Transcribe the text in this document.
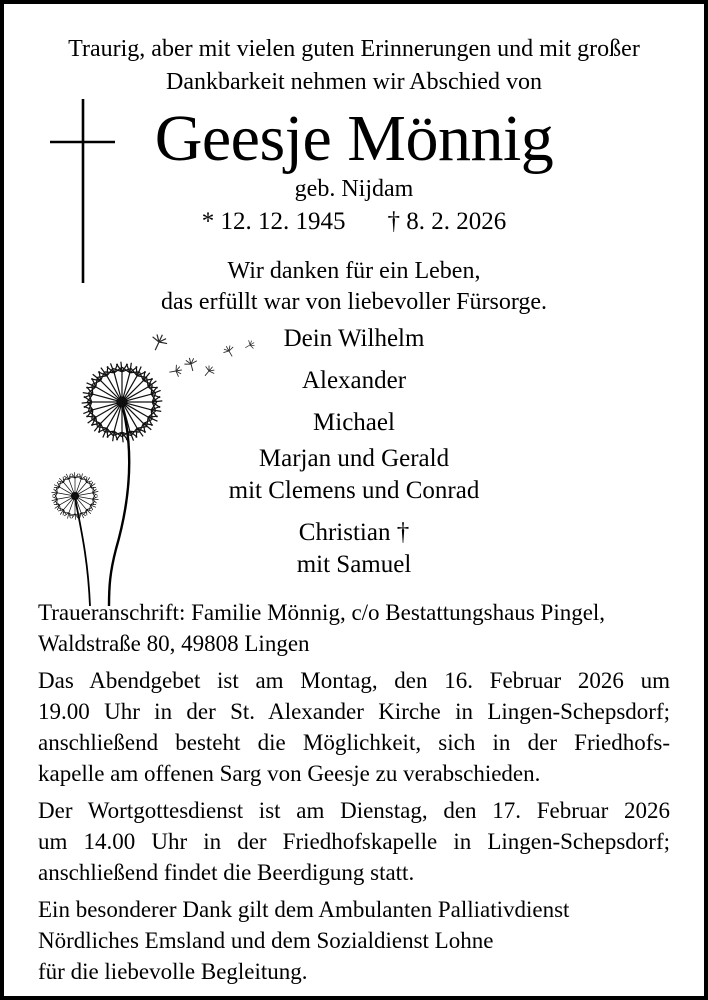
Traurig, aber mit vielen guten Erinnerungen und mit großer
Dankbarkeit nehmen wir Abschied von
Geesje Mönnig
geb. Nijdam
* 12. 12. 1945 † 8. 2. 2026
Wir danken für ein Leben,
das erfüllt war von liebevoller Fürsorge.
Dein Wilhelm
Alexander
Michael
Marjan und Gerald
mit Clemens und Conrad
Christian †
mit Samuel
Traueranschrift: Familie Mönnig, c/o Bestattungshaus Pingel,
Waldstraße 80, 49808 Lingen
Das Abendgebet ist am Montag, den 16. Februar 2026 um
19.00 Uhr in der St. Alexander Kirche in Lingen-Schepsdorf;
anschließend besteht die Möglichkeit, sich in der Friedhofs-
kapelle am offenen Sarg von Geesje zu verabschieden.
Der Wortgottesdienst ist am Dienstag, den 17. Februar 2026
um 14.00 Uhr in der Friedhofskapelle in Lingen-Schepsdorf;
anschließend findet die Beerdigung statt.
Ein besonderer Dank gilt dem Ambulanten Palliativdienst
Nördliches Emsland und dem Sozialdienst Lohne
für die liebevolle Begleitung.
